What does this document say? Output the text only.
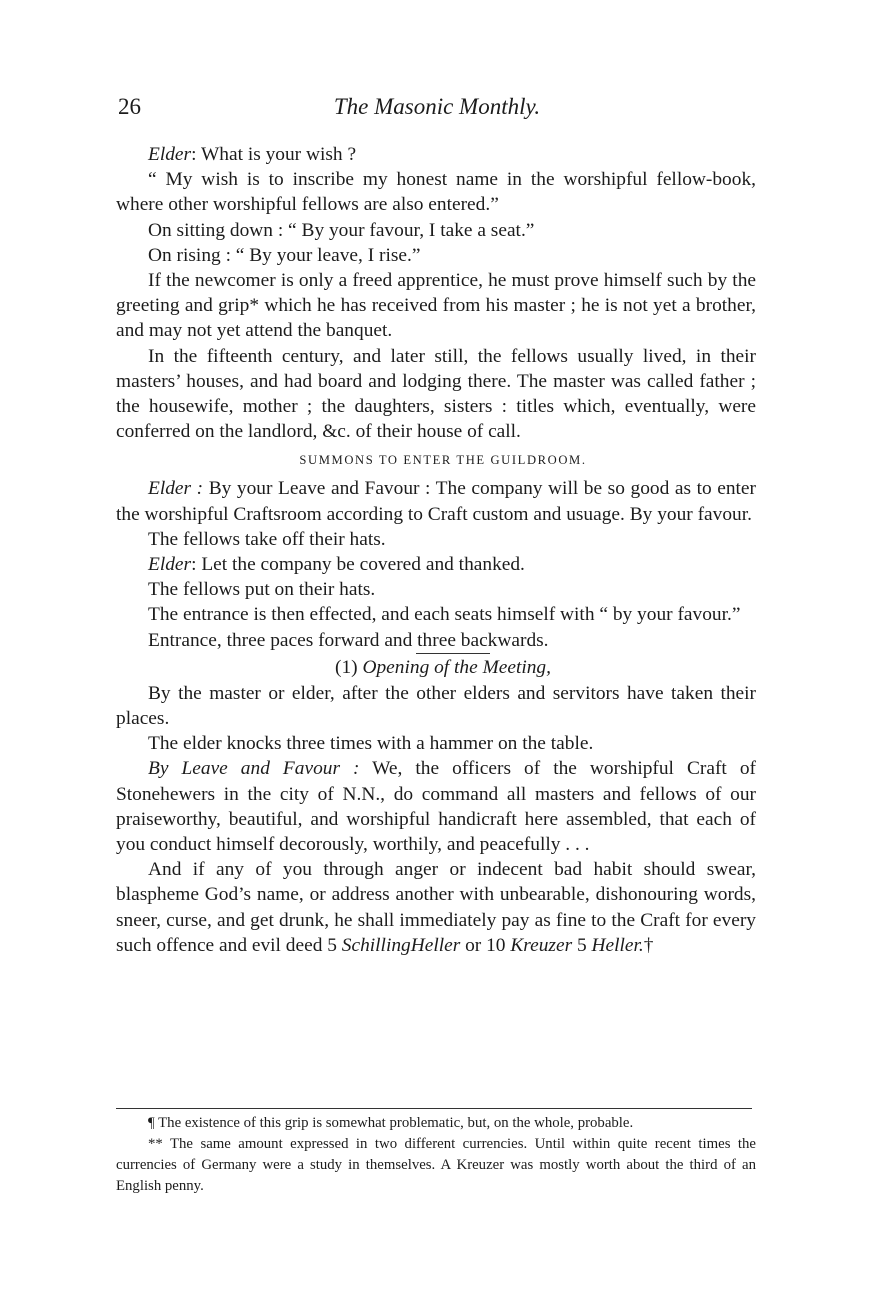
26	The Masonic Monthly.

Elder: What is your wish ?

“ My wish is to inscribe my honest name in the worshipful fellow-book, where other worshipful fellows are also entered.”

On sitting down : “ By your favour, I take a seat.”

On rising : “ By your leave, I rise.”

If the newcomer is only a freed apprentice, he must prove himself such by the greeting and grip* which he has received from his master ; he is not yet a brother, and may not yet attend the banquet.

In the fifteenth century, and later still, the fellows usually lived, in their masters’ houses, and had board and lodging there. The master was called father ; the housewife, mother ; the daughters, sisters : titles which, eventually, were conferred on the landlord, &c. of their house of call.

SUMMONS TO ENTER THE GUILDROOM.

Elder : By your Leave and Favour : The company will be so good as to enter the worshipful Craftsroom according to Craft custom and usuage. By your favour.

The fellows take off their hats.

Elder: Let the company be covered and thanked.

The fellows put on their hats.

The entrance is then effected, and each seats himself with “ by your favour.”

Entrance, three paces forward and three backwards.

(1) Opening of the Meeting,

By the master or elder, after the other elders and servitors have taken their places.

The elder knocks three times with a hammer on the table.

By Leave and Favour : We, the officers of the worshipful Craft of Stonehewers in the city of N.N., do command all masters and fellows of our praiseworthy, beautiful, and worshipful handicraft here assembled, that each of you conduct himself decorously, worthily, and peacefully . . .

And if any of you through anger or indecent bad habit should swear, blaspheme God’s name, or address another with unbearable, dishonouring words, sneer, curse, and get drunk, he shall immediately pay as fine to the Craft for every such offence and evil deed 5 SchillingHeller or 10 Kreuzer 5 Heller.†

¶ The existence of this grip is somewhat problematic, but, on the whole, probable.

** The same amount expressed in two different currencies. Until within quite recent times the currencies of Germany were a study in themselves. A Kreuzer was mostly worth about the third of an English penny.
